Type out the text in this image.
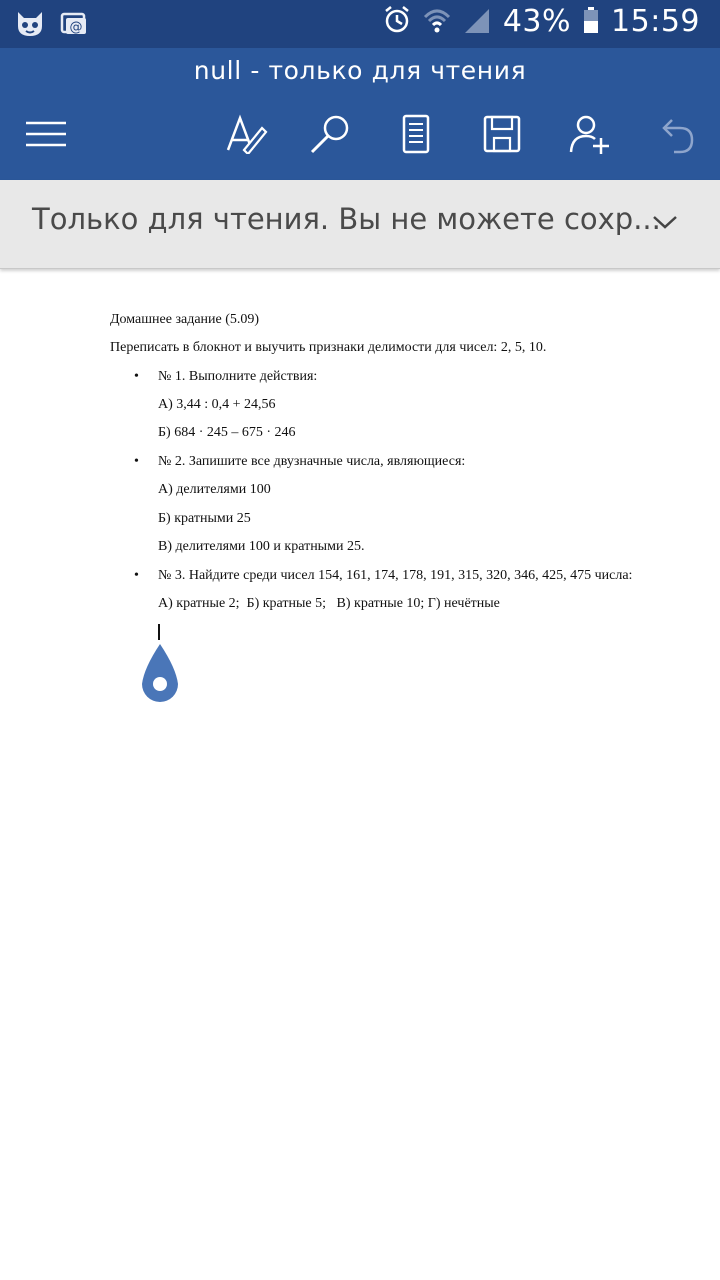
@	43% 15:59
null - только для чтения
Только для чтения. Вы не можете сохр...
Домашнее задание (5.09)
Переписать в блокнот и выучить признаки делимости для чисел: 2, 5, 10.
• № 1. Выполните действия:
А) 3,44 : 0,4 + 24,56
Б) 684 · 245 – 675 · 246
• № 2. Запишите все двузначные числа, являющиеся:
А) делителями 100
Б) кратными 25
В) делителями 100 и кратными 25.
• № 3. Найдите среди чисел 154, 161, 174, 178, 191, 315, 320, 346, 425, 475 числа:
А) кратные 2;  Б) кратные 5;   В) кратные 10; Г) нечётные
